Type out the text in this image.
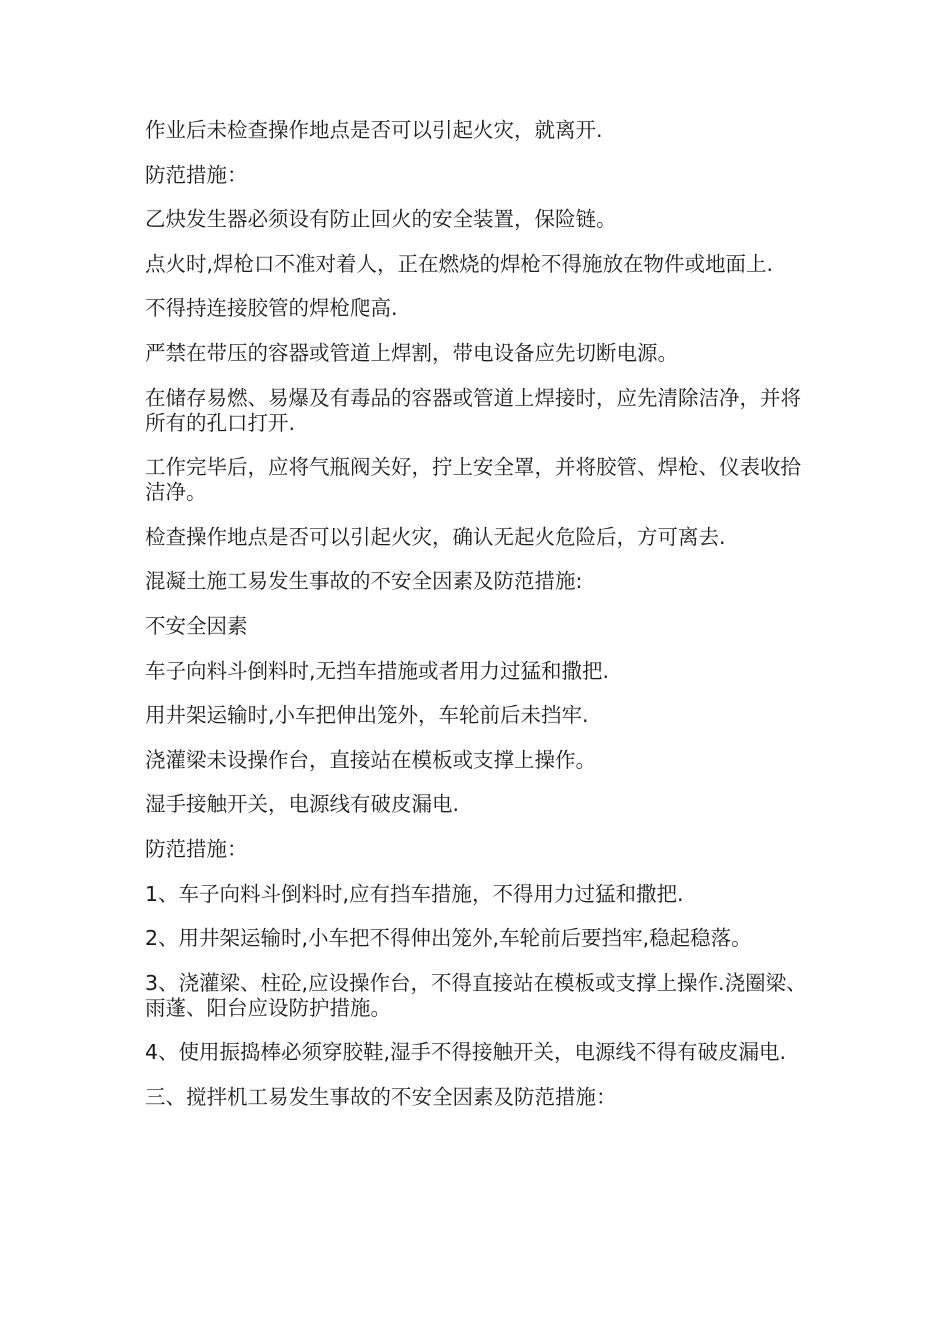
作业后未检查操作地点是否可以引起火灾，就离开.

防范措施：

乙炔发生器必须设有防止回火的安全装置，保险链。

点火时,焊枪口不准对着人，正在燃烧的焊枪不得施放在物件或地面上.

不得持连接胶管的焊枪爬高.

严禁在带压的容器或管道上焊割，带电设备应先切断电源。

在储存易燃、易爆及有毒品的容器或管道上焊接时，应先清除洁净，并将所有的孔口打开.

工作完毕后，应将气瓶阀关好，拧上安全罩，并将胶管、焊枪、仪表收拾洁净。

检查操作地点是否可以引起火灾，确认无起火危险后，方可离去.

混凝土施工易发生事故的不安全因素及防范措施:

不安全因素

车子向料斗倒料时,无挡车措施或者用力过猛和撒把.

用井架运输时,小车把伸出笼外，车轮前后未挡牢.

浇灌梁未设操作台，直接站在模板或支撑上操作。

湿手接触开关，电源线有破皮漏电.

防范措施：

1、车子向料斗倒料时,应有挡车措施，不得用力过猛和撒把.

2、用井架运输时,小车把不得伸出笼外,车轮前后要挡牢,稳起稳落。

3、浇灌梁、柱砼,应设操作台，不得直接站在模板或支撑上操作.浇圈梁、雨蓬、阳台应设防护措施。

4、使用振捣棒必须穿胶鞋,湿手不得接触开关，电源线不得有破皮漏电.

三、搅拌机工易发生事故的不安全因素及防范措施：
